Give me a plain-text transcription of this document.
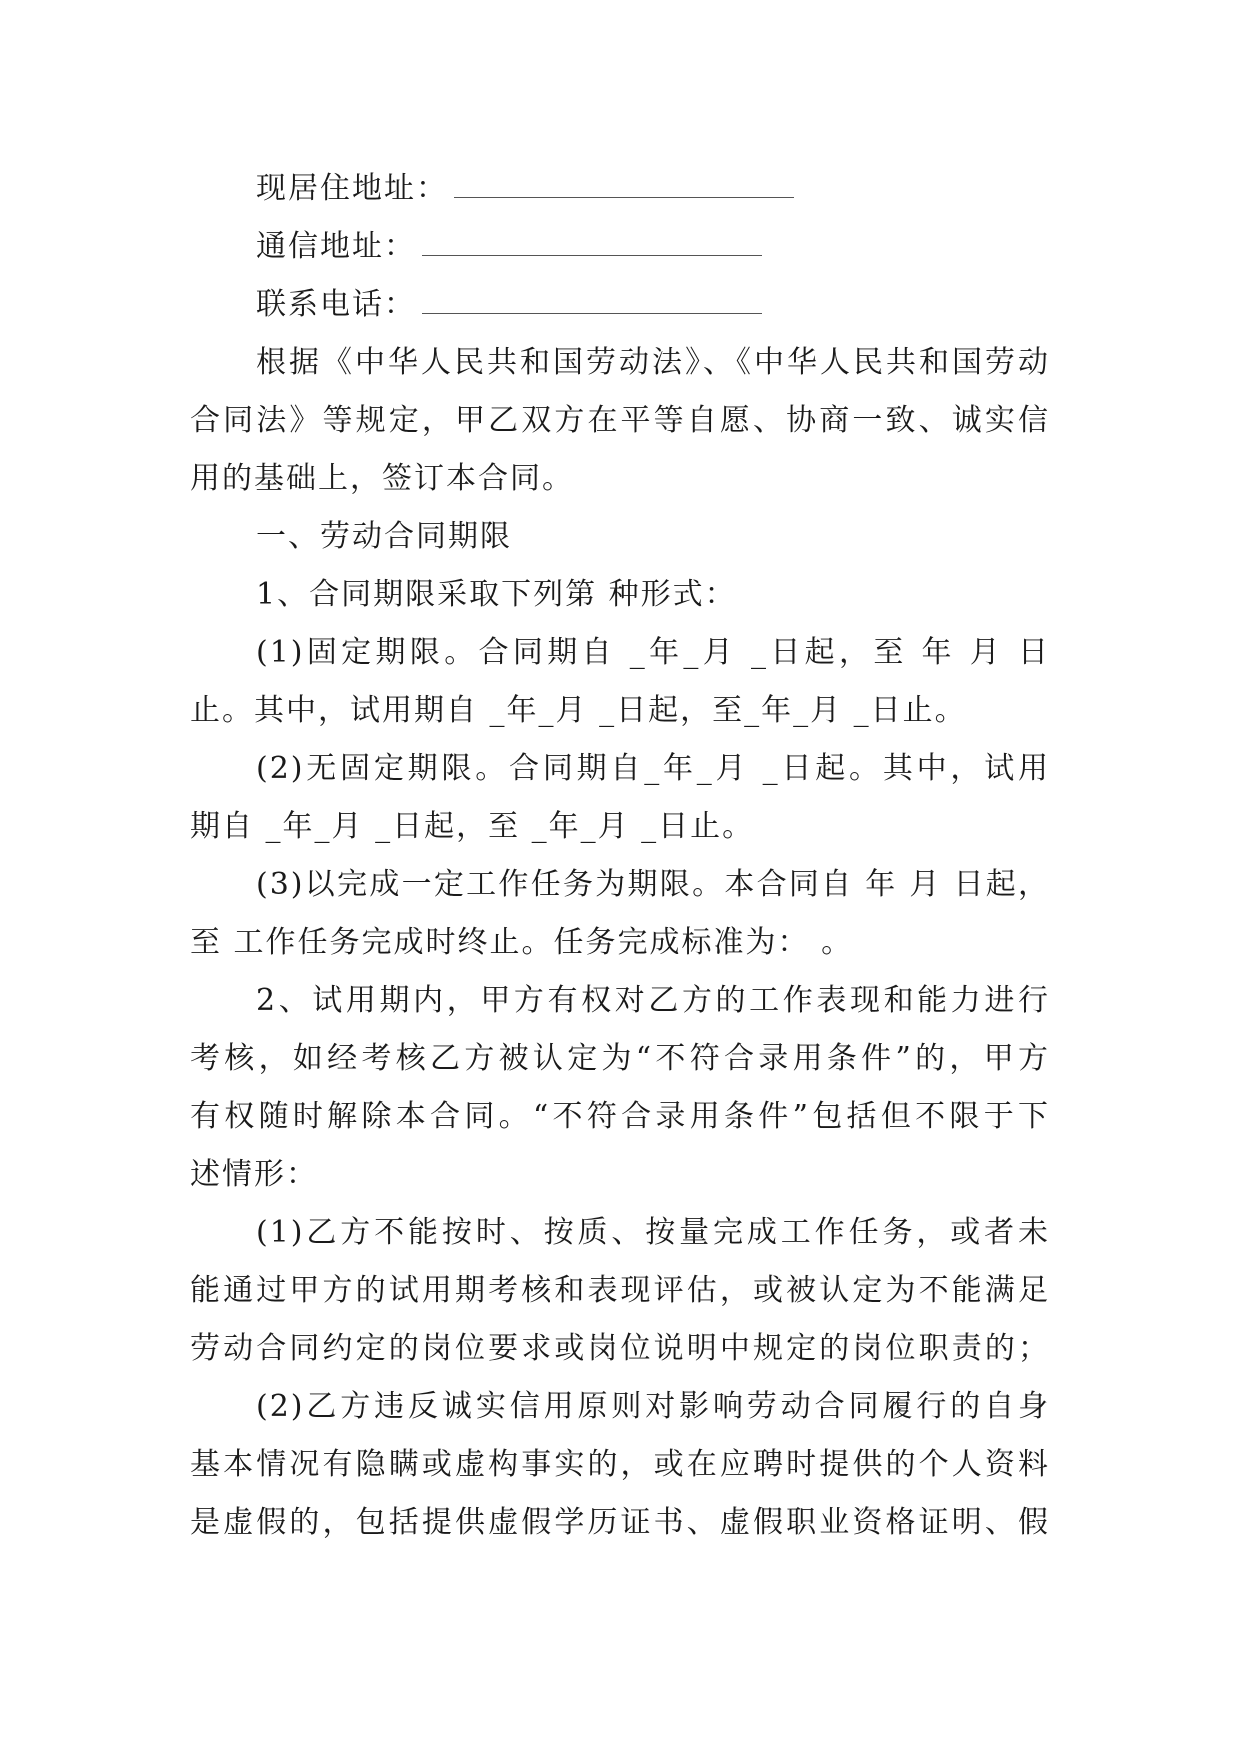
现居住地址：
通信地址：
联系电话：
根据《中华人民共和国劳动法》、《中华人民共和国劳动
合同法》等规定，甲乙双方在平等自愿、协商一致、诚实信
用的基础上，签订本合同。
一、劳动合同期限
1、合同期限采取下列第 种形式：
(1)固定期限。合同期自 _年_月 _日起，至 年 月 日
止。其中，试用期自 _年_月 _日起，至_年_月 _日止。
(2)无固定期限。合同期自_年_月 _日起。其中，试用
期自 _年_月 _日起，至 _年_月 _日止。
(3)以完成一定工作任务为期限。本合同自 年 月 日起，
至 工作任务完成时终止。任务完成标准为： 。
2、试用期内，甲方有权对乙方的工作表现和能力进行
考核，如经考核乙方被认定为“不符合录用条件”的，甲方
有权随时解除本合同。“不符合录用条件”包括但不限于下
述情形：
(1)乙方不能按时、按质、按量完成工作任务，或者未
能通过甲方的试用期考核和表现评估，或被认定为不能满足
劳动合同约定的岗位要求或岗位说明中规定的岗位职责的；
(2)乙方违反诚实信用原则对影响劳动合同履行的自身
基本情况有隐瞒或虚构事实的，或在应聘时提供的个人资料
是虚假的，包括提供虚假学历证书、虚假职业资格证明、假
